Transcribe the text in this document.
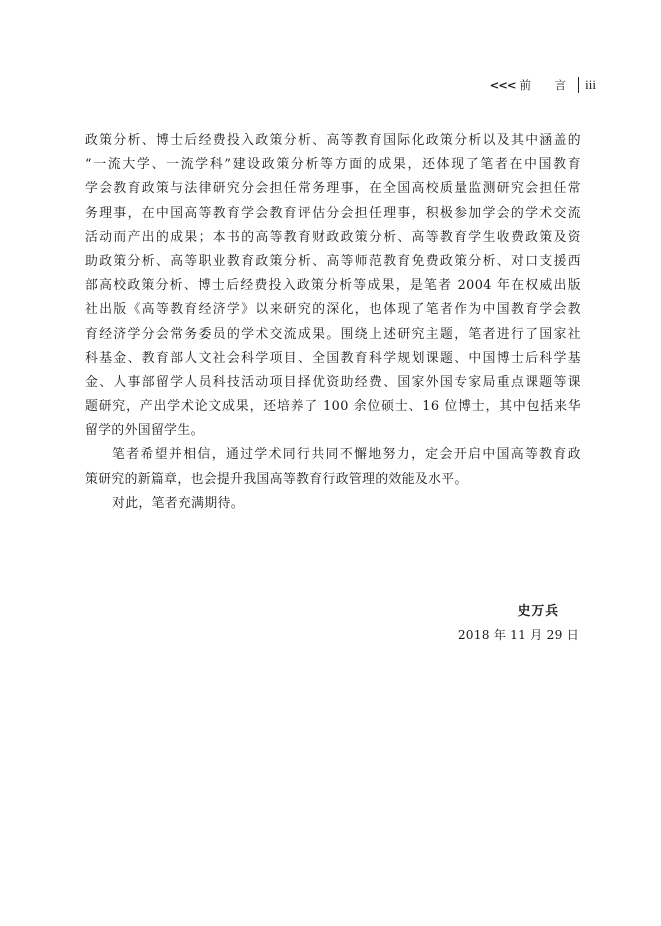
<<< 前 言 iii
政策分析、博士后经费投入政策分析、高等教育国际化政策分析以及其中涵盖的
“一流大学、一流学科”建设政策分析等方面的成果，还体现了笔者在中国教育
学会教育政策与法律研究分会担任常务理事，在全国高校质量监测研究会担任常
务理事，在中国高等教育学会教育评估分会担任理事，积极参加学会的学术交流
活动而产出的成果；本书的高等教育财政政策分析、高等教育学生收费政策及资
助政策分析、高等职业教育政策分析、高等师范教育免费政策分析、对口支援西
部高校政策分析、博士后经费投入政策分析等成果，是笔者 2004 年在权威出版
社出版《高等教育经济学》以来研究的深化，也体现了笔者作为中国教育学会教
育经济学分会常务委员的学术交流成果。围绕上述研究主题，笔者进行了国家社
科基金、教育部人文社会科学项目、全国教育科学规划课题、中国博士后科学基
金、人事部留学人员科技活动项目择优资助经费、国家外国专家局重点课题等课
题研究，产出学术论文成果，还培养了 100 余位硕士、16 位博士，其中包括来华
留学的外国留学生。
笔者希望并相信，通过学术同行共同不懈地努力，定会开启中国高等教育政
策研究的新篇章，也会提升我国高等教育行政管理的效能及水平。
对此，笔者充满期待。
史万兵
2018 年 11 月 29 日
